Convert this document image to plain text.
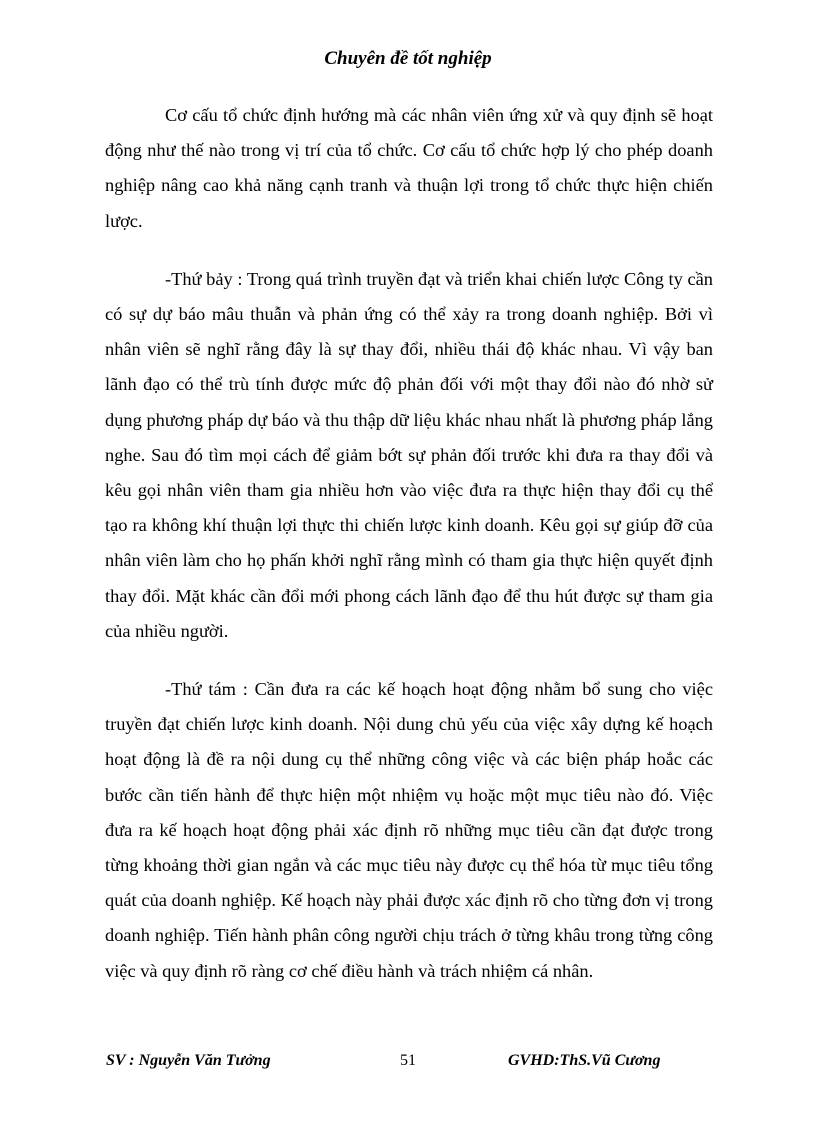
Chuyên đề tốt nghiệp

Cơ cấu tổ chức định hướng mà các nhân viên ứng xử và quy định sẽ hoạt động như thế nào trong vị trí của tổ chức. Cơ cấu tổ chức hợp lý cho phép doanh nghiệp nâng cao khả năng cạnh tranh và thuận lợi trong tổ chức thực hiện chiến lược.

-Thứ bảy : Trong quá trình truyền đạt và triển khai chiến lược Công ty cần có sự dự báo mâu thuẫn và phản ứng có thể xảy ra trong doanh nghiệp. Bởi vì nhân viên sẽ nghĩ rằng đây là sự thay đổi, nhiều thái độ khác nhau. Vì vậy ban lãnh đạo có thể trù tính được mức độ phản đối với một thay đổi nào đó nhờ sử dụng phương pháp dự báo và thu thập dữ liệu khác nhau nhất là phương pháp lắng nghe. Sau đó tìm mọi cách để giảm bớt sự phản đối trước khi đưa ra thay đổi và kêu gọi nhân viên tham gia nhiều hơn vào việc đưa ra thực hiện thay đổi cụ thể tạo ra không khí thuận lợi thực thi chiến lược kinh doanh. Kêu gọi sự giúp đỡ của nhân viên làm cho họ phấn khởi nghĩ rằng mình có tham gia thực hiện quyết định thay đổi. Mặt khác cần đổi mới phong cách lãnh đạo để thu hút được sự tham gia của nhiều người.

-Thứ tám : Cần đưa ra các kế hoạch hoạt động nhằm bổ sung cho việc truyền đạt chiến lược kinh doanh. Nội dung chủ yếu của việc xây dựng kế hoạch hoạt động là đề ra nội dung cụ thể những công việc và các biện pháp hoắc các bước cần tiến hành để thực hiện một nhiệm vụ hoặc một mục tiêu nào đó. Việc đưa ra kế hoạch hoạt động phải xác định rõ những mục tiêu cần đạt được trong từng khoảng thời gian ngắn và các mục tiêu này được cụ thể hóa từ mục tiêu tổng quát của doanh nghiệp. Kế hoạch này phải được xác định rõ cho từng đơn vị trong doanh nghiệp. Tiến hành phân công người chịu trách ở từng khâu trong từng công việc và quy định rõ ràng cơ chế điều hành và trách nhiệm cá nhân.

SV : Nguyễn Văn Tưởng	51	GVHD:ThS.Vũ Cương
